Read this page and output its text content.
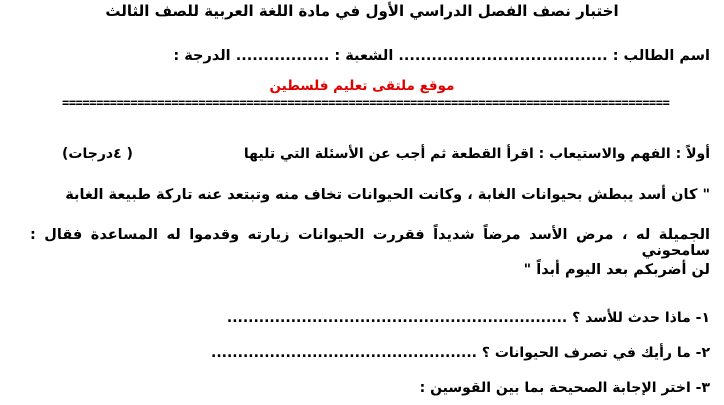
اختبار نصف الفصل الدراسي الأول في مادة اللغة العربية للصف الثالث
اسم الطالب : ...................................... الشعبة : ................. الدرجة :
موقع ملتقى تعليم فلسطين
=========================================================================================
أولاً : الفهم والاستيعاب : اقرأ القطعة ثم أجب عن الأسئلة التي تليها
( ٤درجات)
" كان أسد يبطش بحيوانات الغابة ، وكانت الحيوانات تخاف منه وتبتعد عنه تاركة طبيعة الغابة
الجميلة له ، مرض الأسد مرضاً شديداً فقررت الحيوانات زيارته وقدموا له المساعدة فقال : سامحوني
لن أضربكم بعد اليوم أبداً "
١- ماذا حدث للأسد ؟ ................................................................
٢- ما رأيك في تصرف الحيوانات ؟ ..................................................
٣- اختر الإجابة الصحيحة بما بين القوسين :
